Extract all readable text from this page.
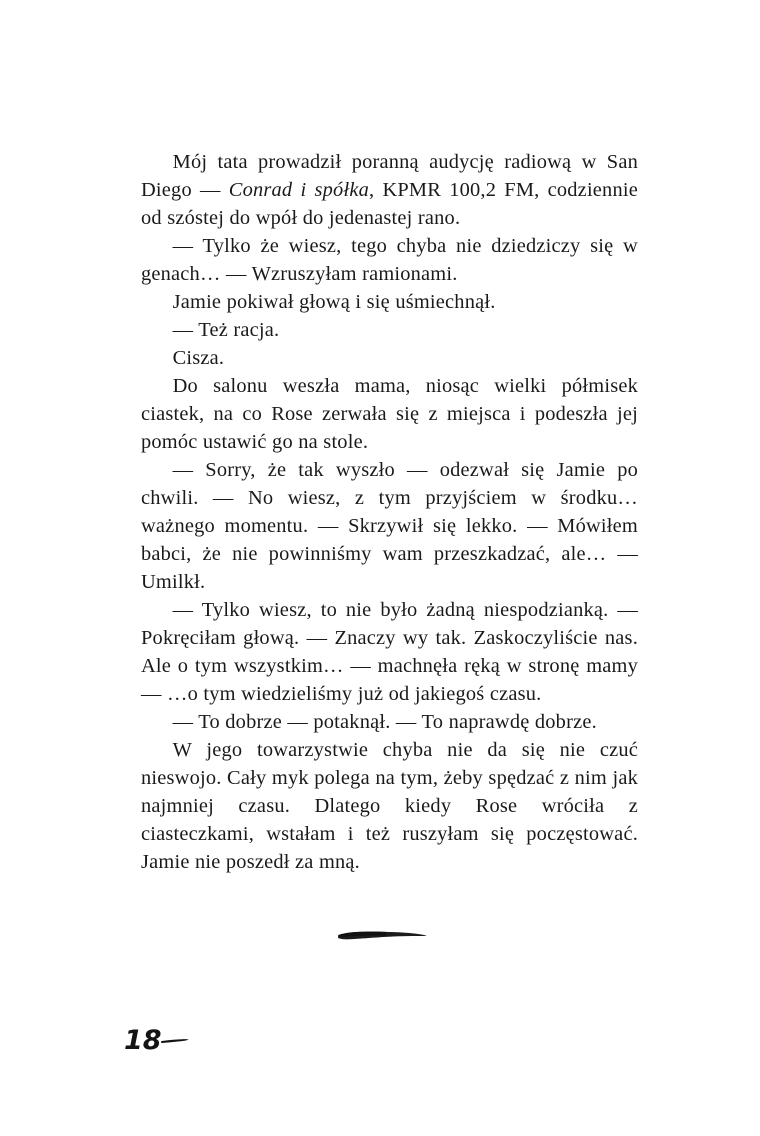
Mój tata prowadził poranną audycję radiową w San Diego — Conrad i spółka, KPMR 100,2 FM, codziennie od szóstej do wpół do jedenastej rano.

— Tylko że wiesz, tego chyba nie dziedziczy się w genach… — Wzruszyłam ramionami.

Jamie pokiwał głową i się uśmiechnął.

— Też racja.

Cisza.

Do salonu weszła mama, niosąc wielki półmisek ciastek, na co Rose zerwała się z miejsca i podeszła jej pomóc ustawić go na stole.

— Sorry, że tak wyszło — odezwał się Jamie po chwili. — No wiesz, z tym przyjściem w środku… ważnego momentu. — Skrzywił się lekko. — Mówiłem babci, że nie powinniśmy wam przeszkadzać, ale… — Umilkł.

— Tylko wiesz, to nie było żadną niespodzianką. — Pokręciłam głową. — Znaczy wy tak. Zaskoczyliście nas. Ale o tym wszystkim… — machnęła ręką w stronę mamy — …o tym wiedzieliśmy już od jakiegoś czasu.

— To dobrze — potaknął. — To naprawdę dobrze.

W jego towarzystwie chyba nie da się nie czuć nieswojo. Cały myk polega na tym, żeby spędzać z nim jak najmniej czasu. Dlatego kiedy Rose wróciła z ciasteczkami, wstałam i też ruszyłam się poczęstować. Jamie nie poszedł za mną.

18
